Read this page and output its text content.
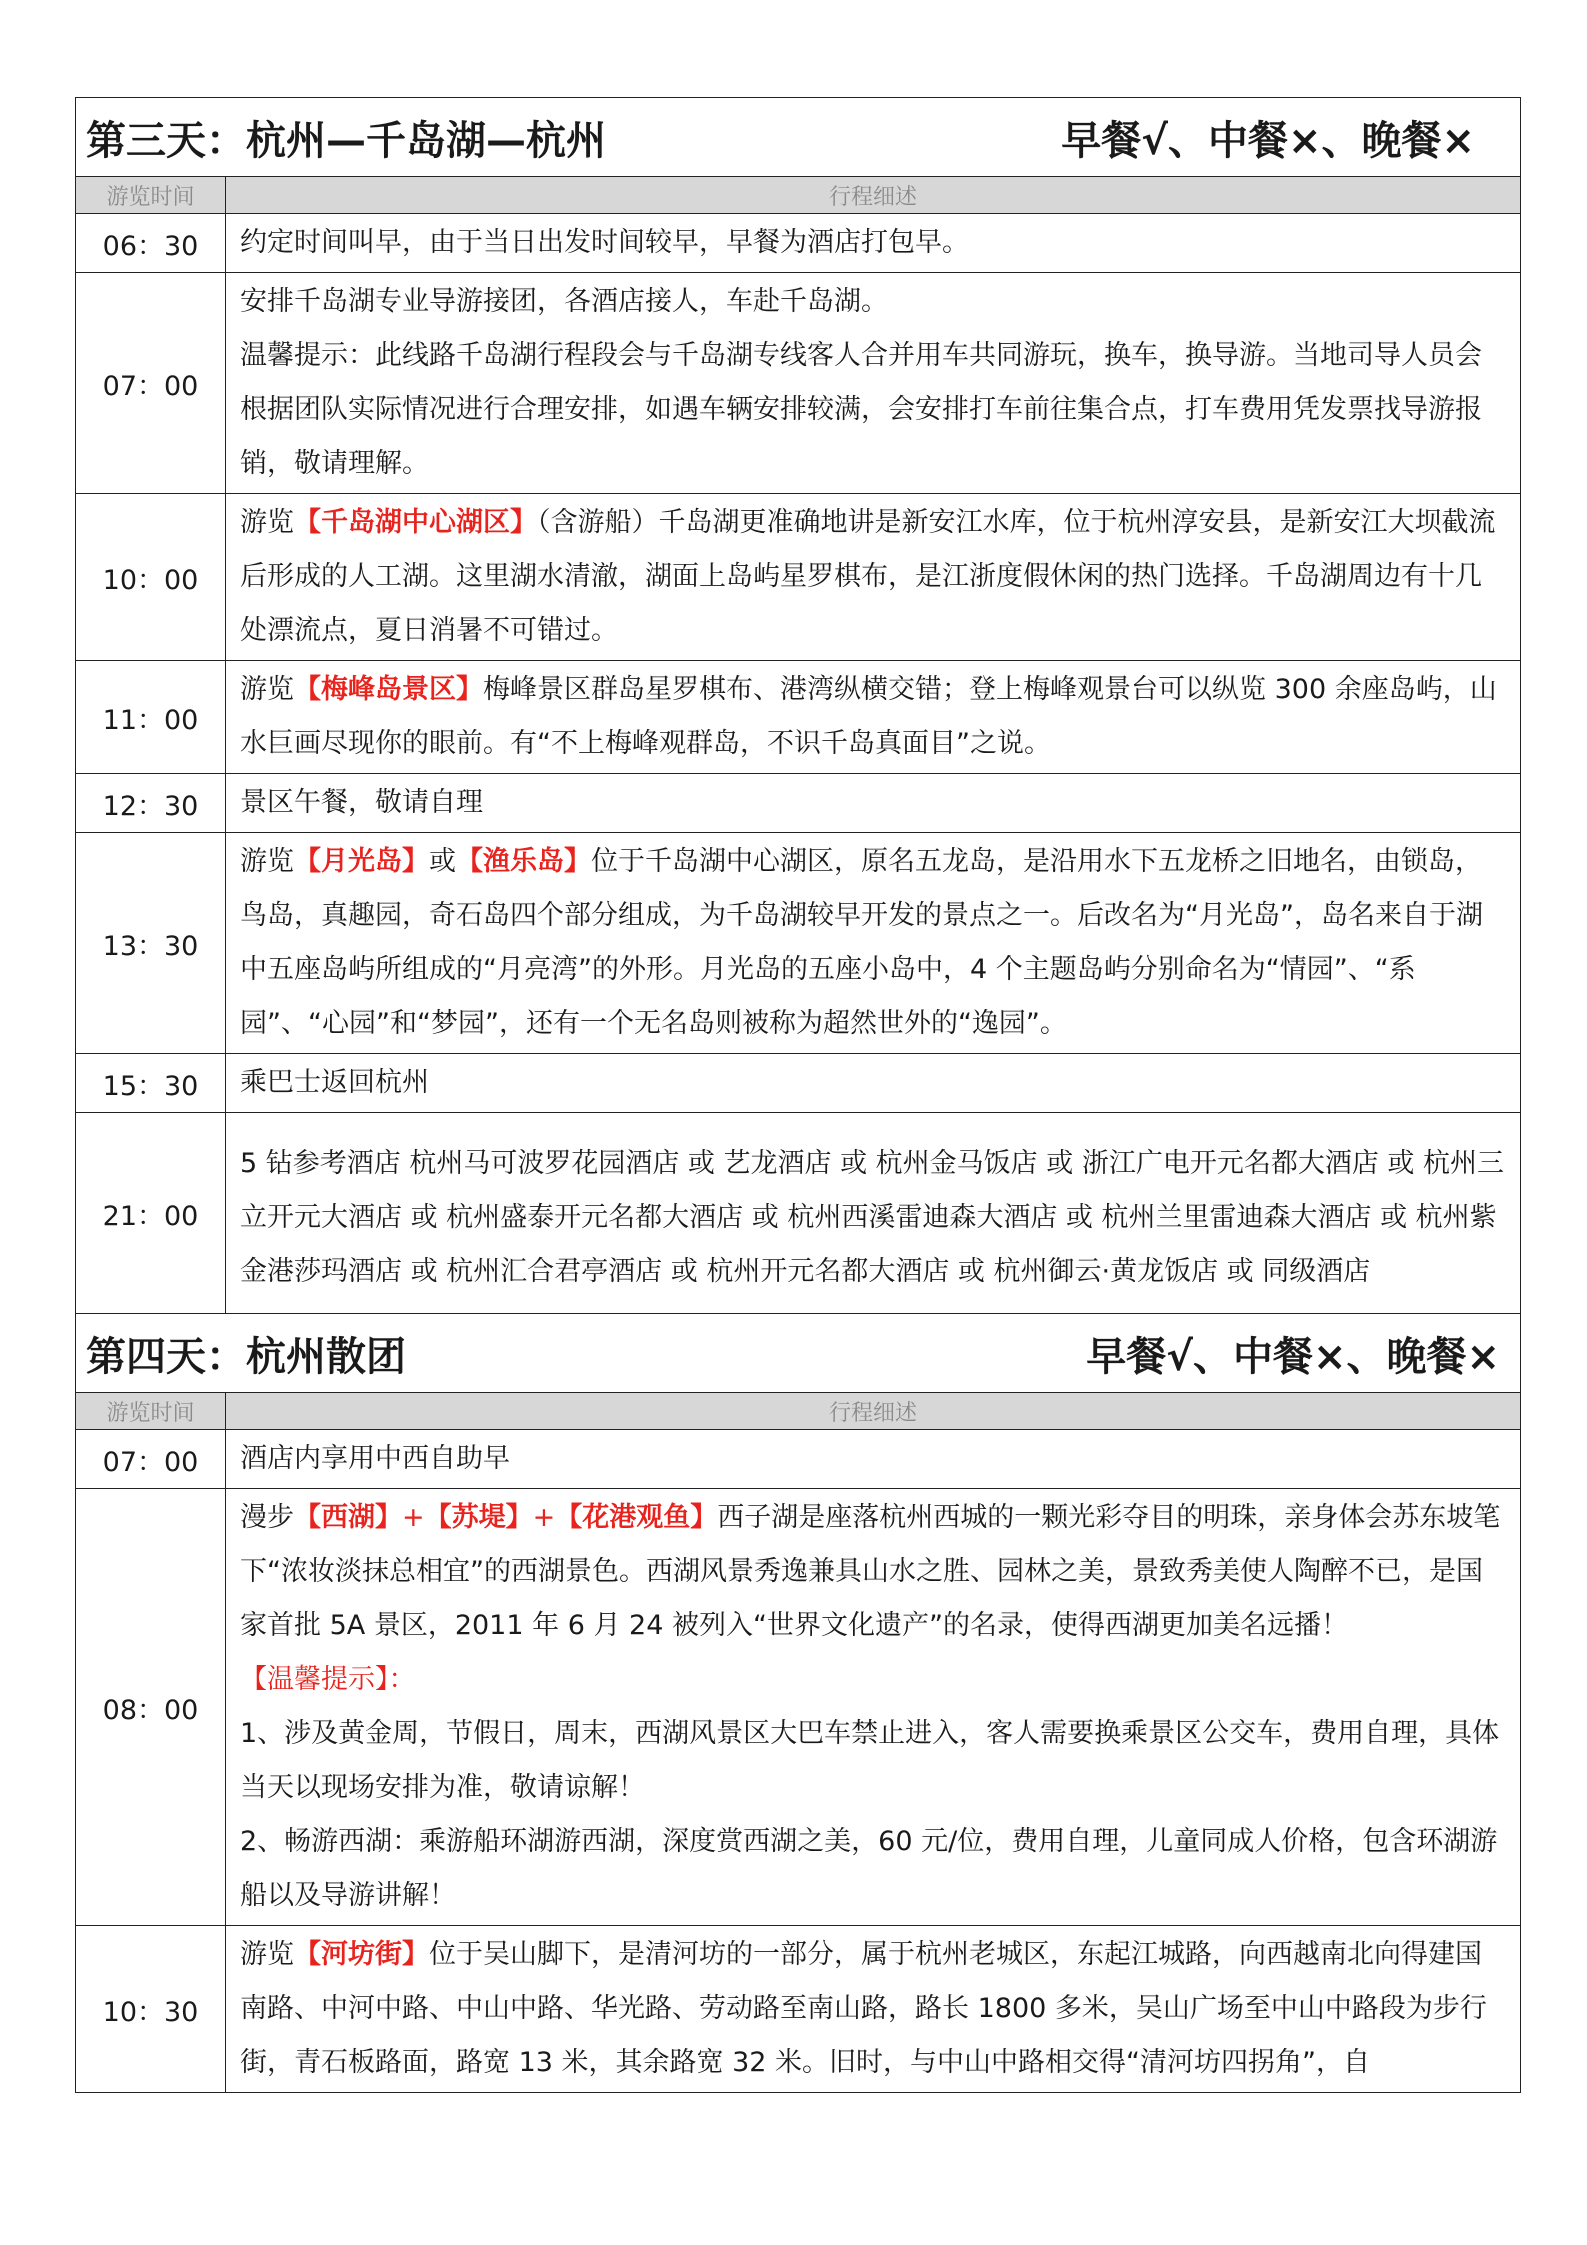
第三天：杭州—千岛湖—杭州 早餐√、中餐×、晚餐×	

游览时间	行程细述
06：30	约定时间叫早，由于当日出发时间较早，早餐为酒店打包早。
07：00	安排千岛湖专业导游接团，各酒店接人，车赴千岛湖。

温馨提示：此线路千岛湖行程段会与千岛湖专线客人合并用车共同游玩，换车，换导游。当地司导人员会根据团队实际情况进行合理安排，如遇车辆安排较满，会安排打车前往集合点，打车费用凭发票找导游报销，敬请理解。

10：00	游览【千岛湖中心湖区】（含游船）千岛湖更准确地讲是新安江水库，位于杭州淳安县，是新安江大坝截流后形成的人工湖。这里湖水清澈，湖面上岛屿星罗棋布，是江浙度假休闲的热门选择。千岛湖周边有十几处漂流点，夏日消暑不可错过。
11：00	游览【梅峰岛景区】梅峰景区群岛星罗棋布、港湾纵横交错；登上梅峰观景台可以纵览 300 余座岛屿，山水巨画尽现你的眼前。有“不上梅峰观群岛，不识千岛真面目”之说。
12：30	景区午餐，敬请自理
13：30	游览【月光岛】或【渔乐岛】位于千岛湖中心湖区，原名五龙岛，是沿用水下五龙桥之旧地名，由锁岛，鸟岛，真趣园，奇石岛四个部分组成，为千岛湖较早开发的景点之一。后改名为“月光岛”，岛名来自于湖中五座岛屿所组成的“月亮湾”的外形。月光岛的五座小岛中，4 个主题岛屿分别命名为“情园”、“系园”、“心园”和“梦园”，还有一个无名岛则被称为超然世外的“逸园”。
15：30	乘巴士返回杭州
21：00	5 钻参考酒店 杭州马可波罗花园酒店 或 艺龙酒店 或 杭州金马饭店 或 浙江广电开元名都大酒店 或 杭州三立开元大酒店 或 杭州盛泰开元名都大酒店 或 杭州西溪雷迪森大酒店 或 杭州兰里雷迪森大酒店 或 杭州紫金港莎玛酒店 或 杭州汇合君亭酒店 或 杭州开元名都大酒店 或 杭州御云·黄龙饭店 或 同级酒店

第四天：杭州散团 早餐√、中餐×、晚餐×	

游览时间	行程细述
07：00	酒店内享用中西自助早
08：00	漫步【西湖】+【苏堤】+【花港观鱼】西子湖是座落杭州西城的一颗光彩夺目的明珠，亲身体会苏东坡笔下“浓妆淡抹总相宜”的西湖景色。西湖风景秀逸兼具山水之胜、园林之美，景致秀美使人陶醉不已，是国家首批 5A 景区，2011 年 6 月 24 被列入“世界文化遗产”的名录，使得西湖更加美名远播！

【温馨提示】：

1、涉及黄金周，节假日，周末，西湖风景区大巴车禁止进入，客人需要换乘景区公交车，费用自理，具体当天以现场安排为准，敬请谅解！

2、畅游西湖：乘游船环湖游西湖，深度赏西湖之美，60 元/位，费用自理，儿童同成人价格，包含环湖游船以及导游讲解！

10：30	游览【河坊街】位于吴山脚下，是清河坊的一部分，属于杭州老城区，东起江城路，向西越南北向得建国南路、中河中路、中山中路、华光路、劳动路至南山路，路长 1800 多米，吴山广场至中山中路段为步行街，青石板路面，路宽 13 米，其余路宽 32 米。旧时，与中山中路相交得“清河坊四拐角”，自
